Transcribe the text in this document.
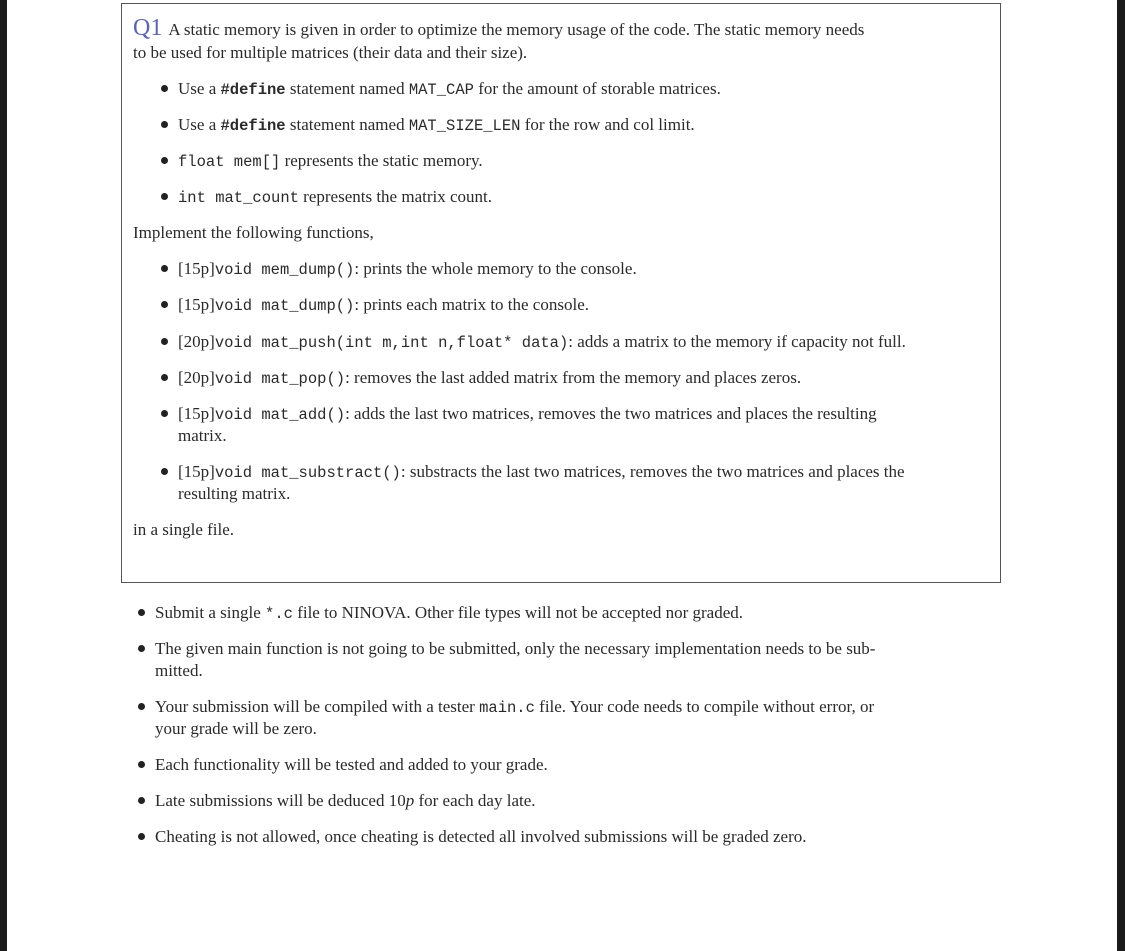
Q1 A static memory is given in order to optimize the memory usage of the code. The static memory needs
to be used for multiple matrices (their data and their size).
Use a #define statement named MAT_CAP for the amount of storable matrices.
Use a #define statement named MAT_SIZE_LEN for the row and col limit.
float mem[] represents the static memory.
int mat_count represents the matrix count.
Implement the following functions,
[15p]void mem_dump(): prints the whole memory to the console.
[15p]void mat_dump(): prints each matrix to the console.
[20p]void mat_push(int m,int n,float* data): adds a matrix to the memory if capacity not full.
[20p]void mat_pop(): removes the last added matrix from the memory and places zeros.
[15p]void mat_add(): adds the last two matrices, removes the two matrices and places the resulting
matrix.
[15p]void mat_substract(): substracts the last two matrices, removes the two matrices and places the
resulting matrix.
in a single file.
Submit a single *.c file to NINOVA. Other file types will not be accepted nor graded.
The given main function is not going to be submitted, only the necessary implementation needs to be sub-
mitted.
Your submission will be compiled with a tester main.c file. Your code needs to compile without error, or
your grade will be zero.
Each functionality will be tested and added to your grade.
Late submissions will be deduced 10p for each day late.
Cheating is not allowed, once cheating is detected all involved submissions will be graded zero.
